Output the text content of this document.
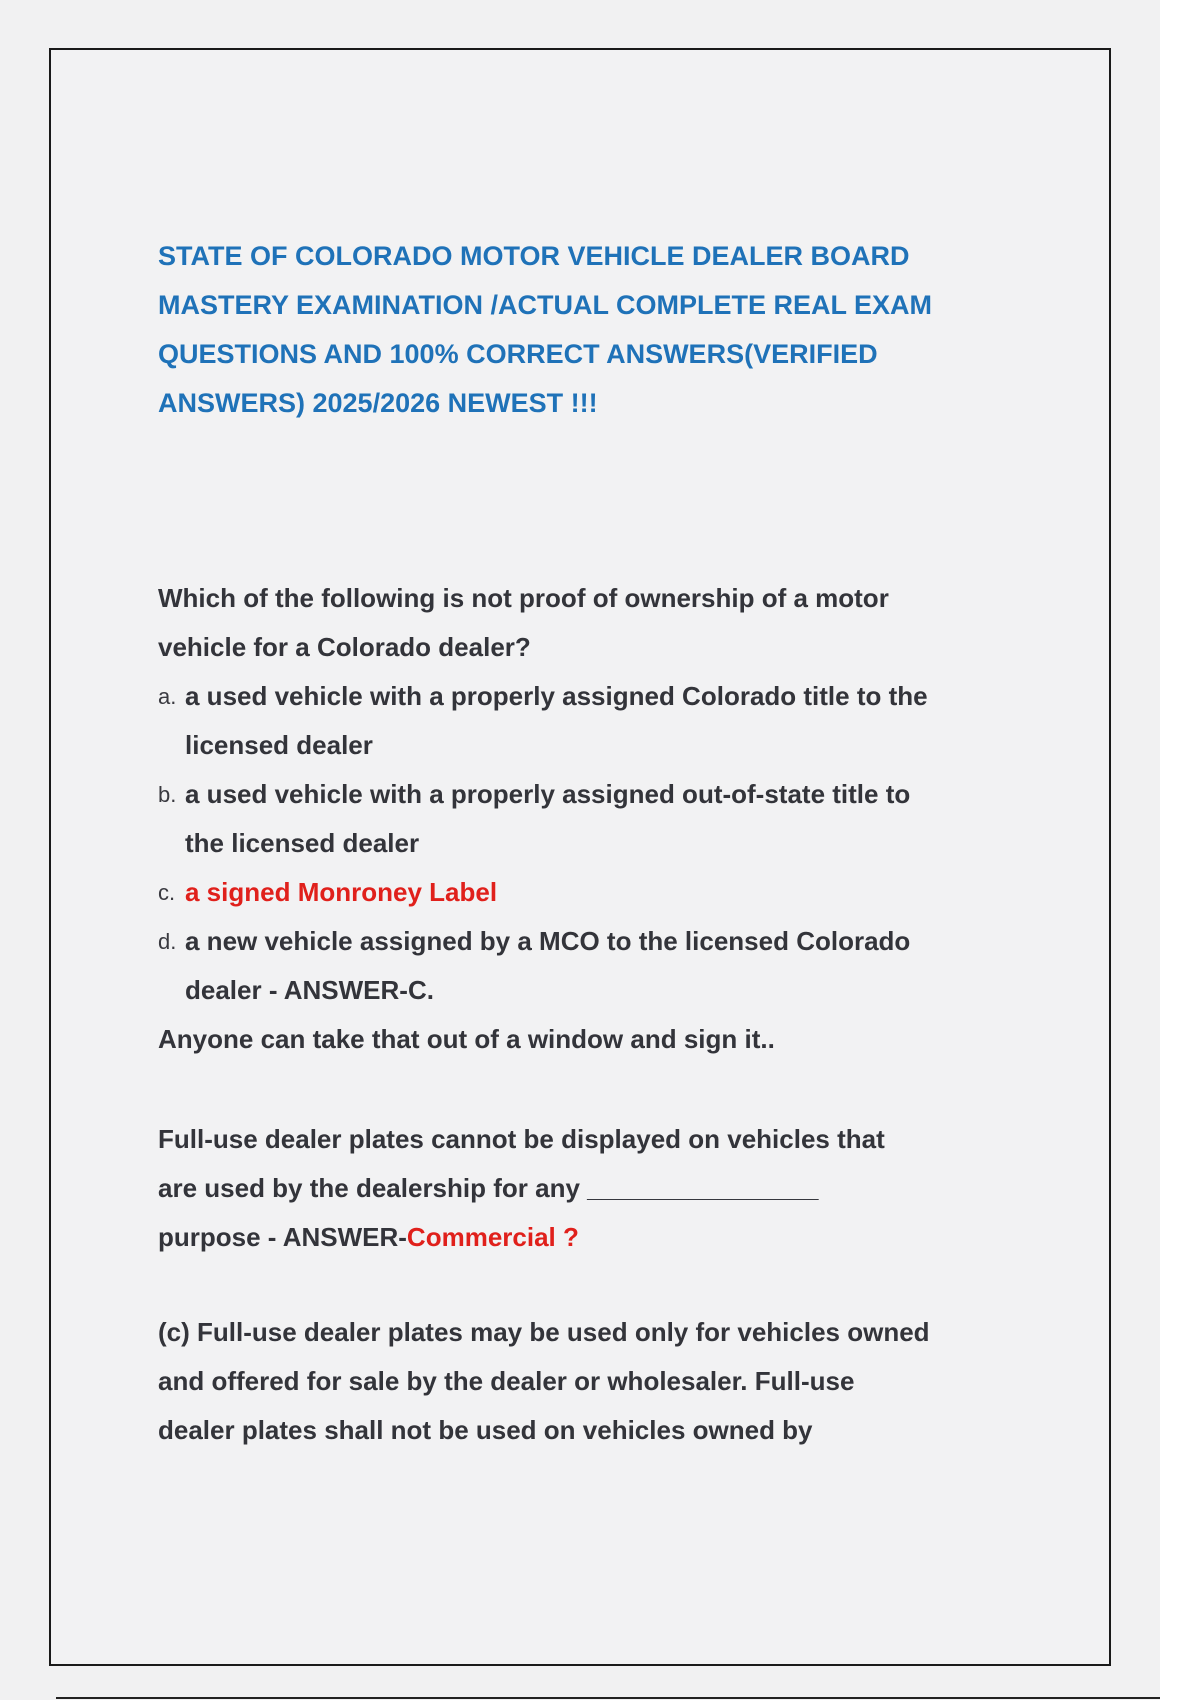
STATE OF COLORADO MOTOR VEHICLE DEALER BOARD
MASTERY EXAMINATION /ACTUAL COMPLETE REAL EXAM
QUESTIONS AND 100% CORRECT ANSWERS(VERIFIED
ANSWERS) 2025/2026 NEWEST !!!
Which of the following is not proof of ownership of a motor
vehicle for a Colorado dealer?
a. a used vehicle with a properly assigned Colorado title to the
licensed dealer
b. a used vehicle with a properly assigned out-of-state title to
the licensed dealer
c. a signed Monroney Label
d. a new vehicle assigned by a MCO to the licensed Colorado
dealer - ANSWER-C.
Anyone can take that out of a window and sign it..
Full-use dealer plates cannot be displayed on vehicles that
are used by the dealership for any ________________
purpose - ANSWER-Commercial ?
(c) Full-use dealer plates may be used only for vehicles owned
and offered for sale by the dealer or wholesaler. Full-use
dealer plates shall not be used on vehicles owned by
